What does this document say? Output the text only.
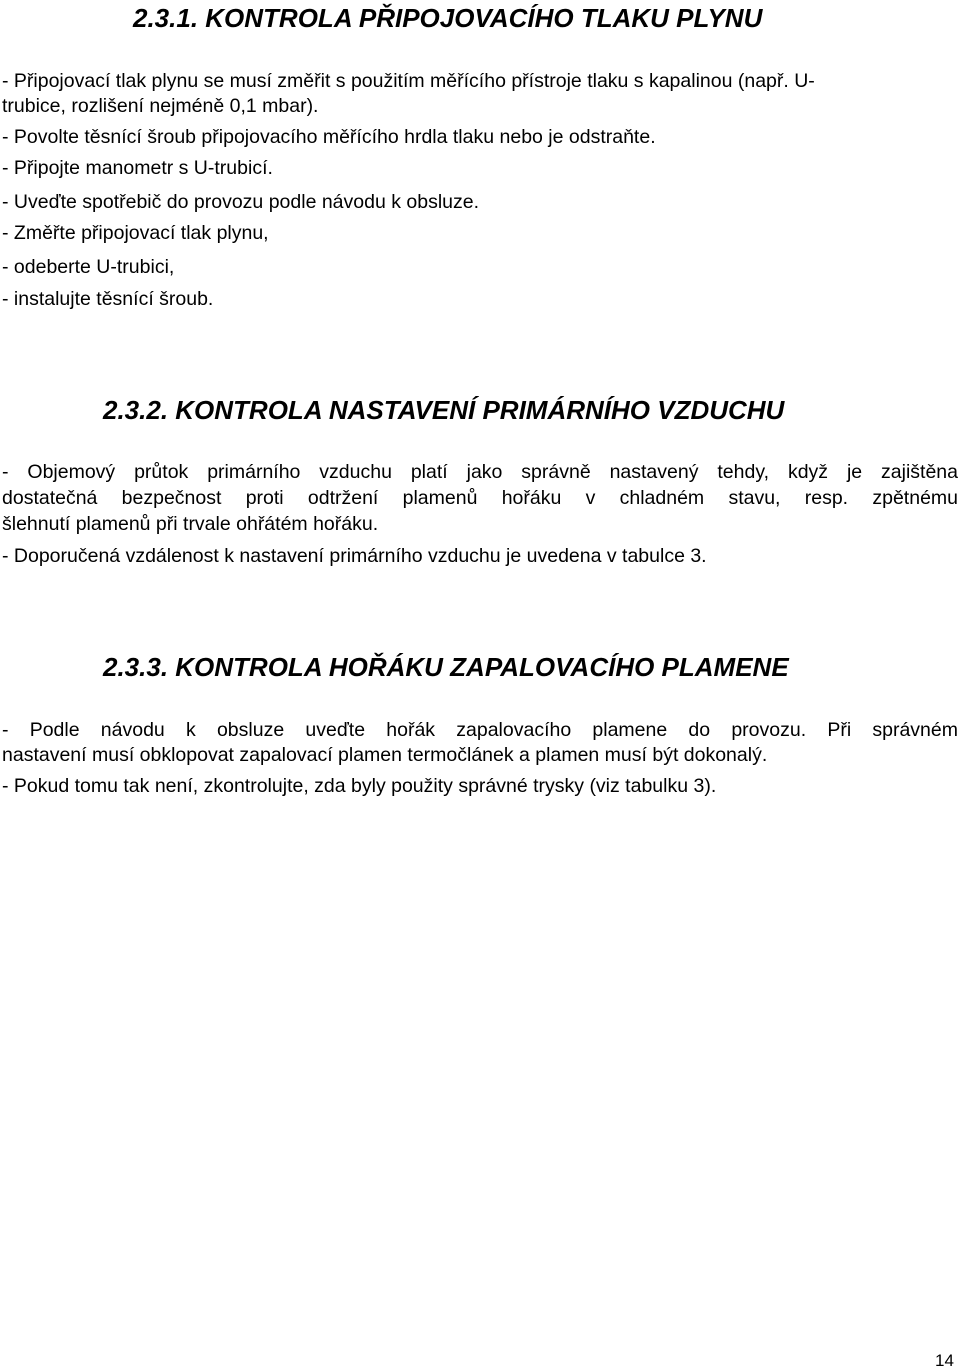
2.3.1. KONTROLA PŘIPOJOVACÍHO TLAKU PLYNU

- Připojovací tlak plynu se musí změřit s použitím měřícího přístroje tlaku s kapalinou (např. U-

trubice, rozlišení nejméně 0,1 mbar).

- Povolte těsnící šroub připojovacího měřícího hrdla tlaku nebo je odstraňte.

- Připojte manometr s U-trubicí.

- Uveďte spotřebič do provozu podle návodu k obsluze.

- Změřte připojovací tlak plynu,

- odeberte U-trubici,

- instalujte těsnící šroub.

2.3.2. KONTROLA NASTAVENÍ PRIMÁRNÍHO VZDUCHU

- Objemový průtok primárního vzduchu platí jako správně nastavený tehdy, když je zajištěna

dostatečná bezpečnost proti odtržení plamenů hořáku v chladném stavu, resp. zpětnému

šlehnutí plamenů při trvale ohřátém hořáku.

- Doporučená vzdálenost k nastavení primárního vzduchu je uvedena v tabulce 3.

2.3.3. KONTROLA HOŘÁKU ZAPALOVACÍHO PLAMENE

- Podle návodu k obsluze uveďte hořák zapalovacího plamene do provozu. Při správném

nastavení musí obklopovat zapalovací plamen termočlánek a plamen musí být dokonalý.

- Pokud tomu tak není, zkontrolujte, zda byly použity správné trysky (viz tabulku 3).

14
